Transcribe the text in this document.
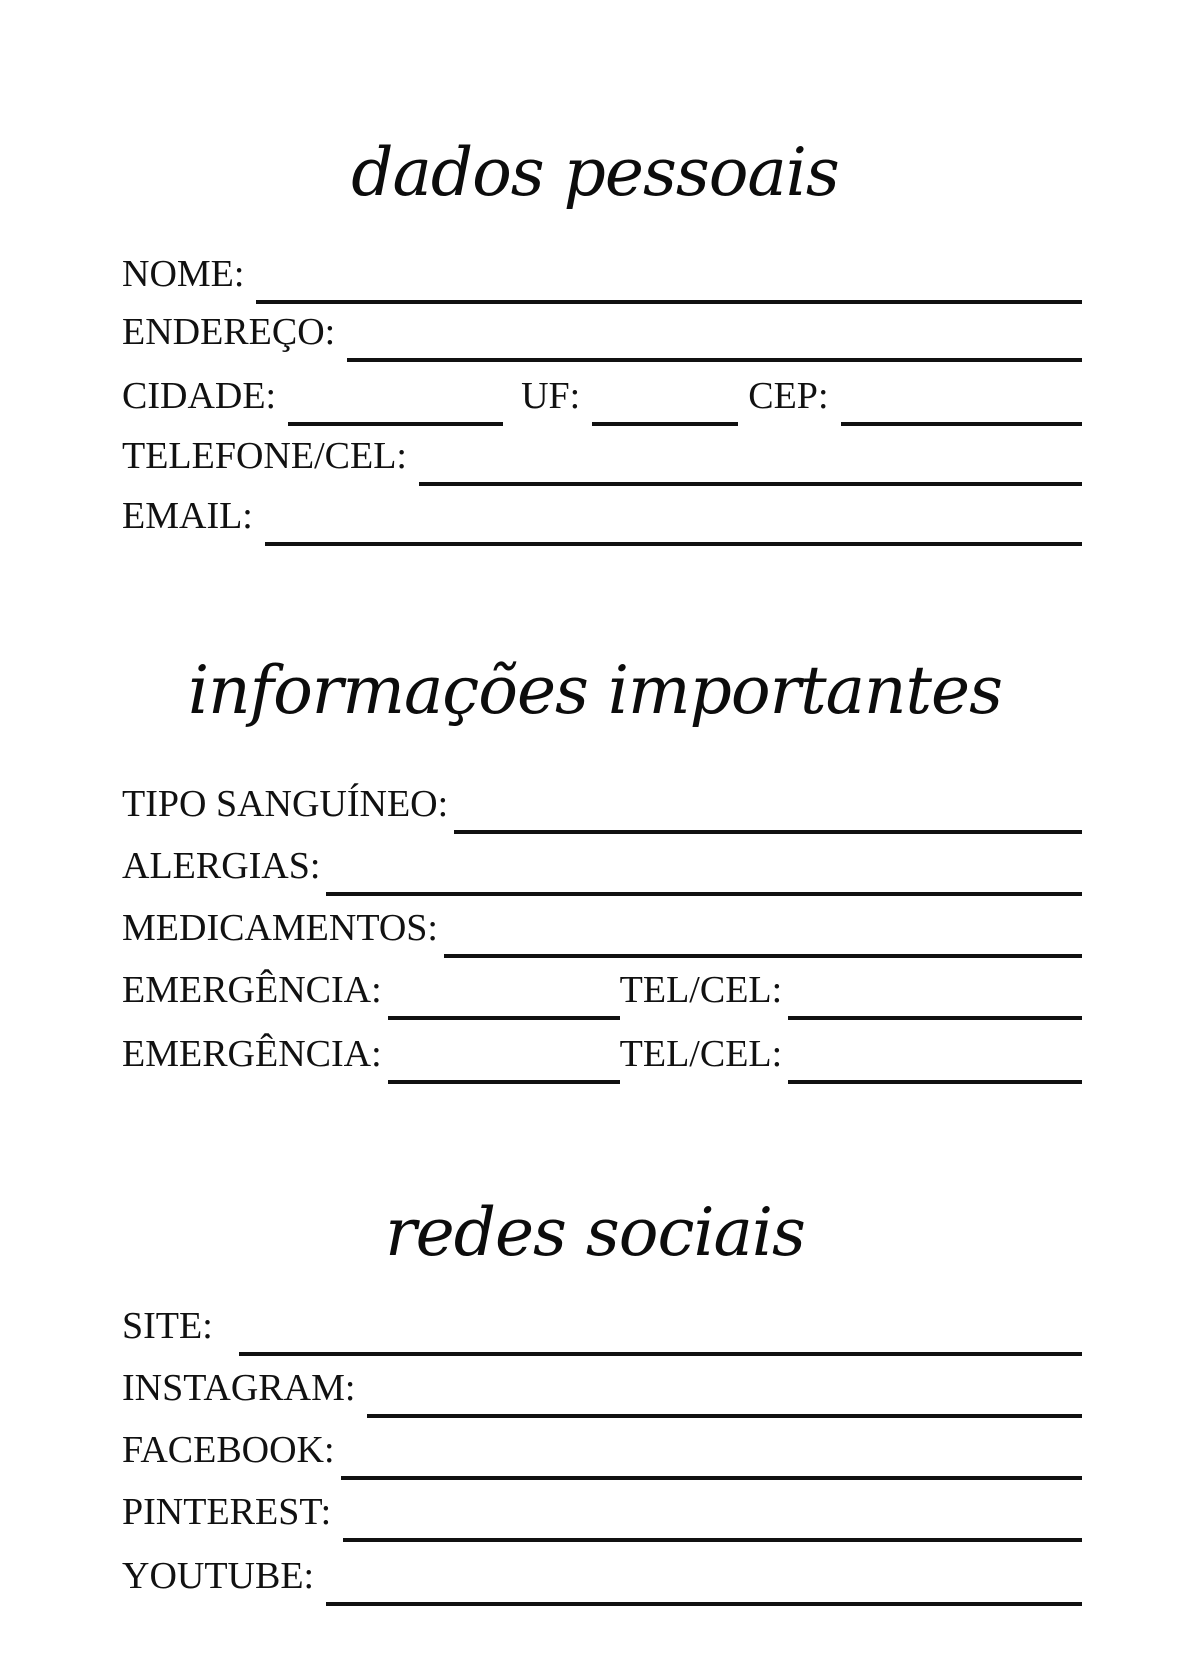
dados pessoais
NOME:
ENDEREÇO:
CIDADE:	UF:	CEP:
TELEFONE/CEL:
EMAIL:
informações importantes
TIPO SANGUÍNEO:
ALERGIAS:
MEDICAMENTOS:
EMERGÊNCIA:	TEL/CEL:
EMERGÊNCIA:	TEL/CEL:
redes sociais
SITE:
INSTAGRAM:
FACEBOOK:
PINTEREST:
YOUTUBE:
